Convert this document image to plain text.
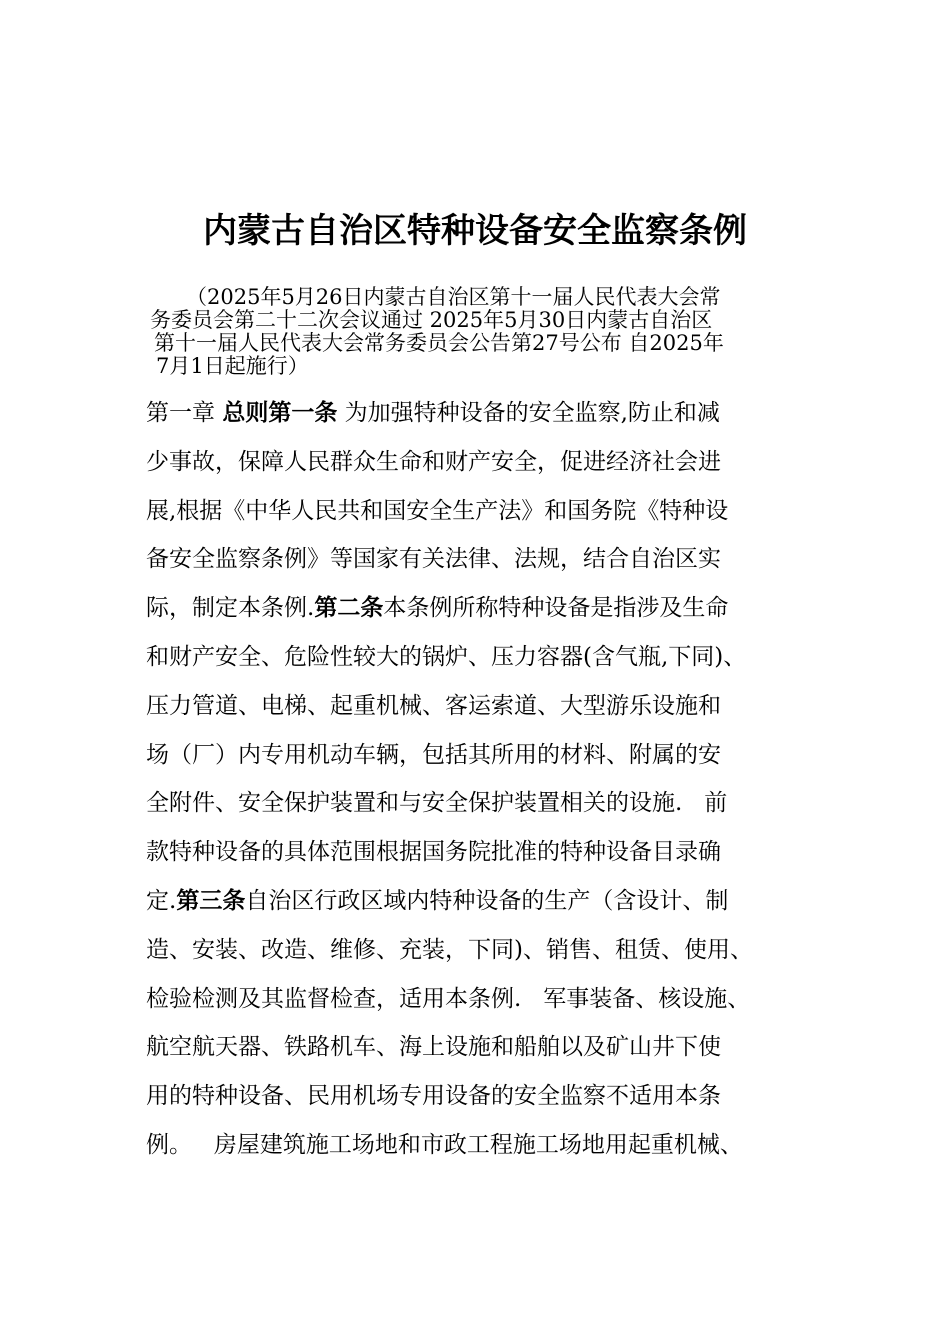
内蒙古自治区特种设备安全监察条例

（2025年5月26日内蒙古自治区第十一届人民代表大会常
务委员会第二十二次会议通过 2025年5月30日内蒙古自治区
第十一届人民代表大会常务委员会公告第27号公布 自2025年
7月1日起施行）

第一章 总则第一条 为加强特种设备的安全监察,防止和减
少事故，保障人民群众生命和财产安全，促进经济社会进
展,根据《中华人民共和国安全生产法》和国务院《特种设
备安全监察条例》等国家有关法律、法规，结合自治区实
际，制定本条例.第二条本条例所称特种设备是指涉及生命
和财产安全、危险性较大的锅炉、压力容器(含气瓶,下同)、
压力管道、电梯、起重机械、客运索道、大型游乐设施和
场（厂）内专用机动车辆，包括其所用的材料、附属的安
全附件、安全保护装置和与安全保护装置相关的设施.   前
款特种设备的具体范围根据国务院批准的特种设备目录确
定.第三条自治区行政区域内特种设备的生产（含设计、制
造、安装、改造、维修、充装，下同)、销售、租赁、使用、
检验检测及其监督检查，适用本条例.   军事装备、核设施、
航空航天器、铁路机车、海上设施和船舶以及矿山井下使
用的特种设备、民用机场专用设备的安全监察不适用本条
例。   房屋建筑施工场地和市政工程施工场地用起重机械、
